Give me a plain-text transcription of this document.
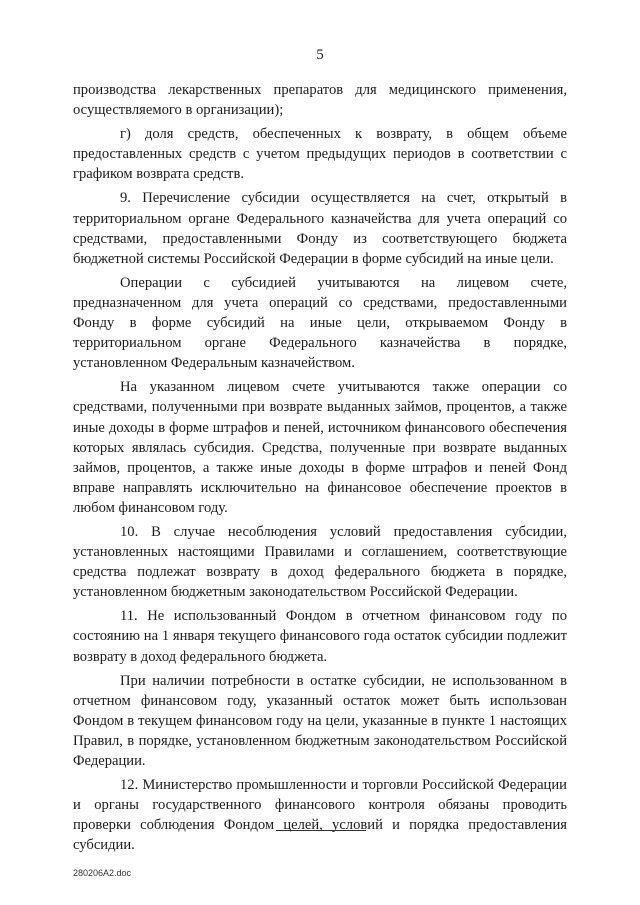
5

производства лекарственных препаратов для медицинского применения, осуществляемого в организации);

г) доля средств, обеспеченных к возврату, в общем объеме предоставленных средств с учетом предыдущих периодов в соответствии с графиком возврата средств.

9. Перечисление субсидии осуществляется на счет, открытый в территориальном органе Федерального казначейства для учета операций со средствами, предоставленными Фонду из соответствующего бюджета бюджетной системы Российской Федерации в форме субсидий на иные цели.

Операции с субсидией учитываются на лицевом счете, предназначенном для учета операций со средствами, предоставленными Фонду в форме субсидий на иные цели, открываемом Фонду в территориальном органе Федерального казначейства в порядке, установленном Федеральным казначейством.

На указанном лицевом счете учитываются также операции со средствами, полученными при возврате выданных займов, процентов, а также иные доходы в форме штрафов и пеней, источником финансового обеспечения которых являлась субсидия. Средства, полученные при возврате выданных займов, процентов, а также иные доходы в форме штрафов и пеней Фонд вправе направлять исключительно на финансовое обеспечение проектов в любом финансовом году.

10. В случае несоблюдения условий предоставления субсидии, установленных настоящими Правилами и соглашением, соответствующие средства подлежат возврату в доход федерального бюджета в порядке, установленном бюджетным законодательством Российской Федерации.

11. Не использованный Фондом в отчетном финансовом году по состоянию на 1 января текущего финансового года остаток субсидии подлежит возврату в доход федерального бюджета.

При наличии потребности в остатке субсидии, не использованном в отчетном финансовом году, указанный остаток может быть использован Фондом в текущем финансовом году на цели, указанные в пункте 1 настоящих Правил, в порядке, установленном бюджетным законодательством Российской Федерации.

12. Министерство промышленности и торговли Российской Федерации и органы государственного финансового контроля обязаны проводить проверки соблюдения Фондом целей, условий и порядка предоставления субсидии.

280206A2.doc
